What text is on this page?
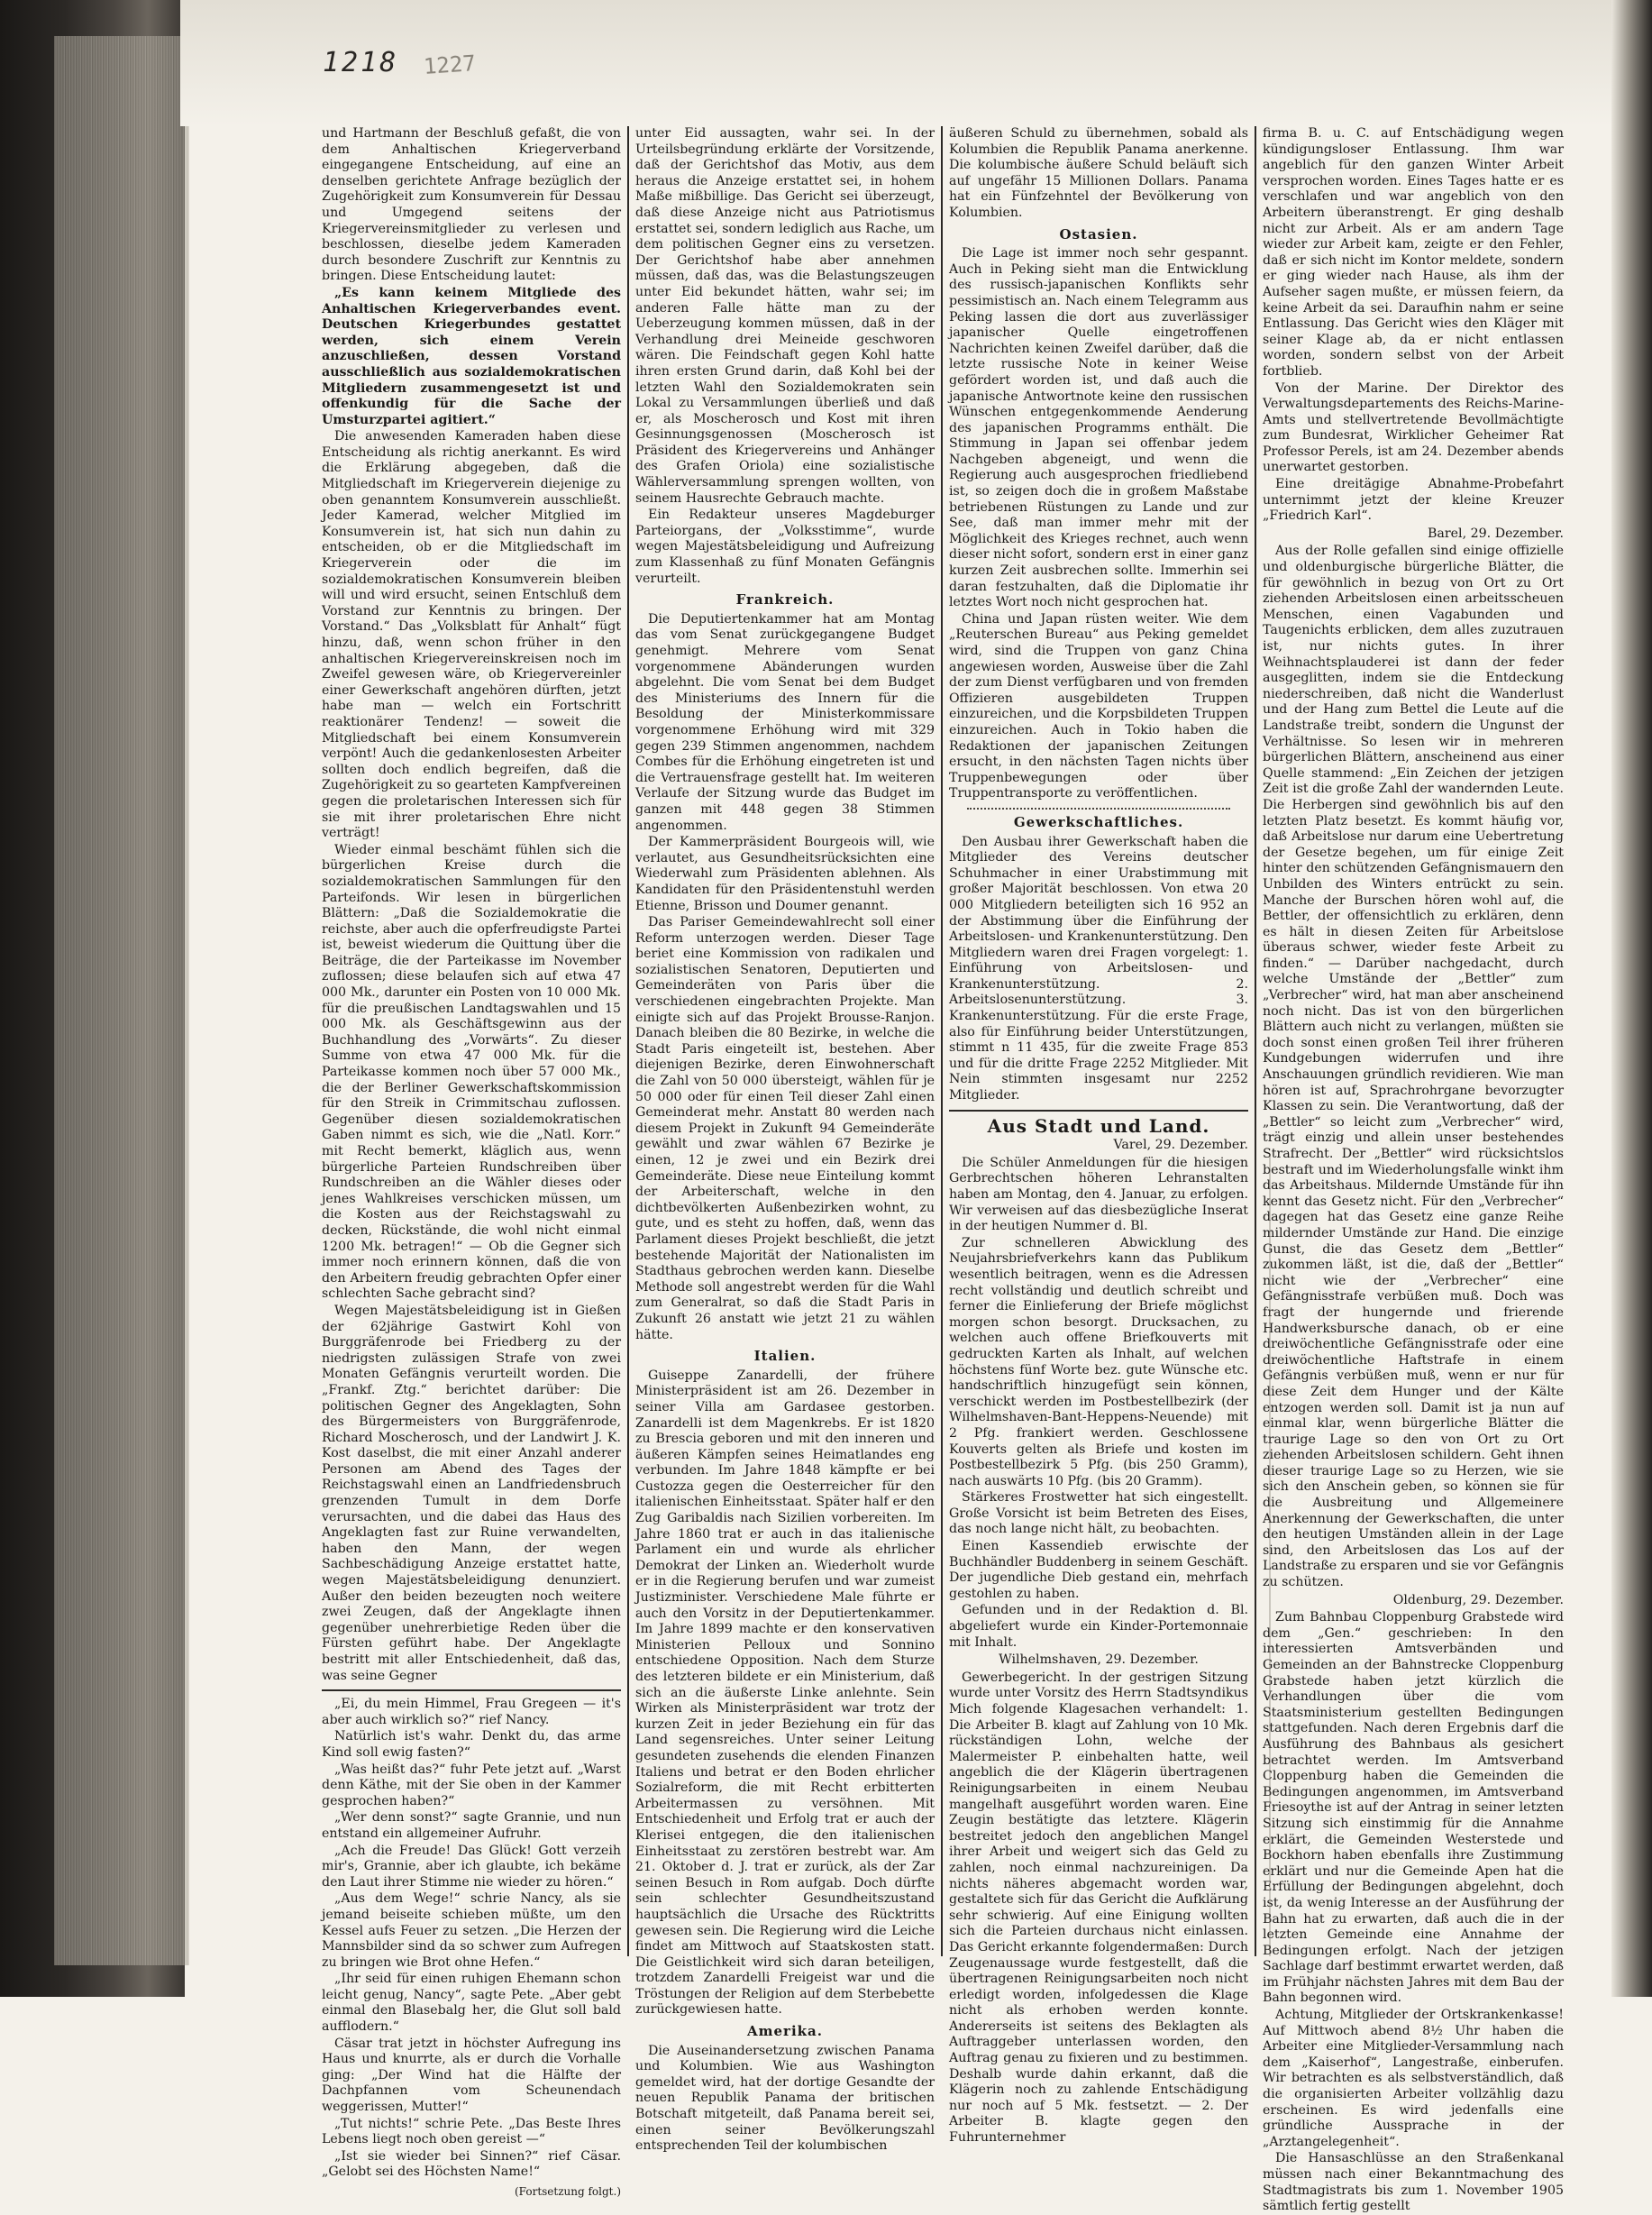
1218 1227

und Hartmann der Beschluß gefaßt, die von dem Anhaltischen Kriegerverband eingegangene Entscheidung, auf eine an denselben gerichtete Anfrage bezüglich der Zugehörigkeit zum Konsumverein für Dessau und Umgegend seitens der Kriegervereinsmitglieder zu verlesen und beschlossen, dieselbe jedem Kameraden durch besondere Zuschrift zur Kenntnis zu bringen. Diese Entscheidung lautet:

„Es kann keinem Mitgliede des Anhaltischen Kriegerverbandes event. Deutschen Kriegerbundes gestattet werden, sich einem Verein anzuschließen, dessen Vorstand ausschließlich aus sozialdemokratischen Mitgliedern zusammengesetzt ist und offenkundig für die Sache der Umsturzpartei agitiert.“

Die anwesenden Kameraden haben diese Entscheidung als richtig anerkannt. Es wird die Erklärung abgegeben, daß die Mitgliedschaft im Kriegerverein diejenige zu oben genanntem Konsumverein ausschließt. Jeder Kamerad, welcher Mitglied im Konsumverein ist, hat sich nun dahin zu entscheiden, ob er die Mitgliedschaft im Kriegerverein oder die im sozialdemokratischen Konsumverein bleiben will und wird ersucht, seinen Entschluß dem Vorstand zur Kenntnis zu bringen. Der Vorstand.“ Das „Volksblatt für Anhalt“ fügt hinzu, daß, wenn schon früher in den anhaltischen Kriegervereinskreisen noch im Zweifel gewesen wäre, ob Kriegervereinler einer Gewerkschaft angehören dürften, jetzt habe man — welch ein Fortschritt reaktionärer Tendenz! — soweit die Mitgliedschaft bei einem Konsumverein verpönt! Auch die gedankenlosesten Arbeiter sollten doch endlich begreifen, daß die Zugehörigkeit zu so gearteten Kampfvereinen gegen die proletarischen Interessen sich für sie mit ihrer proletarischen Ehre nicht verträgt!

Wieder einmal beschämt fühlen sich die bürgerlichen Kreise durch die sozialdemokratischen Sammlungen für den Parteifonds. Wir lesen in bürgerlichen Blättern: „Daß die Sozialdemokratie die reichste, aber auch die opferfreudigste Partei ist, beweist wiederum die Quittung über die Beiträge, die der Parteikasse im November zuflossen; diese belaufen sich auf etwa 47 000 Mk., darunter ein Posten von 10 000 Mk. für die preußischen Landtagswahlen und 15 000 Mk. als Geschäftsgewinn aus der Buchhandlung des „Vorwärts“. Zu dieser Summe von etwa 47 000 Mk. für die Parteikasse kommen noch über 57 000 Mk., die der Berliner Gewerkschaftskommission für den Streik in Crimmitschau zuflossen. Gegenüber diesen sozialdemokratischen Gaben nimmt es sich, wie die „Natl. Korr.“ mit Recht bemerkt, kläglich aus, wenn bürgerliche Parteien Rundschreiben über Rundschreiben an die Wähler dieses oder jenes Wahlkreises verschicken müssen, um die Kosten aus der Reichstagswahl zu decken, Rückstände, die wohl nicht einmal 1200 Mk. betragen!“ — Ob die Gegner sich immer noch erinnern können, daß die von den Arbeitern freudig gebrachten Opfer einer schlechten Sache gebracht sind?

Wegen Majestätsbeleidigung ist in Gießen der 62jährige Gastwirt Kohl von Burggräfenrode bei Friedberg zu der niedrigsten zulässigen Strafe von zwei Monaten Gefängnis verurteilt worden. Die „Frankf. Ztg.“ berichtet darüber: Die politischen Gegner des Angeklagten, Sohn des Bürgermeisters von Burggräfenrode, Richard Moscherosch, und der Landwirt J. K. Kost daselbst, die mit einer Anzahl anderer Personen am Abend des Tages der Reichstagswahl einen an Landfriedensbruch grenzenden Tumult in dem Dorfe verursachten, und die dabei das Haus des Angeklagten fast zur Ruine verwandelten, haben den Mann, der wegen Sachbeschädigung Anzeige erstattet hatte, wegen Majestätsbeleidigung denunziert. Außer den beiden bezeugten noch weitere zwei Zeugen, daß der Angeklagte ihnen gegenüber unehrerbietige Reden über die Fürsten geführt habe. Der Angeklagte bestritt mit aller Entschiedenheit, daß das, was seine Gegner

„Ei, du mein Himmel, Frau Gregeen — it's aber auch wirklich so?“ rief Nancy.

Natürlich ist's wahr. Denkt du, das arme Kind soll ewig fasten?“

„Was heißt das?“ fuhr Pete jetzt auf. „Warst denn Käthe, mit der Sie oben in der Kammer gesprochen haben?“

„Wer denn sonst?“ sagte Grannie, und nun entstand ein allgemeiner Aufruhr.

„Ach die Freude! Das Glück! Gott verzeih mir's, Grannie, aber ich glaubte, ich bekäme den Laut ihrer Stimme nie wieder zu hören.“

„Aus dem Wege!“ schrie Nancy, als sie jemand beiseite schieben müßte, um den Kessel aufs Feuer zu setzen. „Die Herzen der Mannsbilder sind da so schwer zum Aufregen zu bringen wie Brot ohne Hefen.“

„Ihr seid für einen ruhigen Ehemann schon leicht genug, Nancy“, sagte Pete. „Aber gebt einmal den Blasebalg her, die Glut soll bald aufflodern.“

Cäsar trat jetzt in höchster Aufregung ins Haus und knurrte, als er durch die Vorhalle ging: „Der Wind hat die Hälfte der Dachpfannen vom Scheunendach weggerissen, Mutter!“

„Tut nichts!“ schrie Pete. „Das Beste Ihres Lebens liegt noch oben gereist —“

„Ist sie wieder bei Sinnen?“ rief Cäsar. „Gelobt sei des Höchsten Name!“

(Fortsetzung folgt.)

unter Eid aussagten, wahr sei. In der Urteilsbegründung erklärte der Vorsitzende, daß der Gerichtshof das Motiv, aus dem heraus die Anzeige erstattet sei, in hohem Maße mißbillige. Das Gericht sei überzeugt, daß diese Anzeige nicht aus Patriotismus erstattet sei, sondern lediglich aus Rache, um dem politischen Gegner eins zu versetzen. Der Gerichtshof habe aber annehmen müssen, daß das, was die Belastungszeugen unter Eid bekundet hätten, wahr sei; im anderen Falle hätte man zu der Ueberzeugung kommen müssen, daß in der Verhandlung drei Meineide geschworen wären. Die Feindschaft gegen Kohl hatte ihren ersten Grund darin, daß Kohl bei der letzten Wahl den Sozialdemokraten sein Lokal zu Versammlungen überließ und daß er, als Moscherosch und Kost mit ihren Gesinnungsgenossen (Moscherosch ist Präsident des Kriegervereins und Anhänger des Grafen Oriola) eine sozialistische Wählerversammlung sprengen wollten, von seinem Hausrechte Gebrauch machte.

Ein Redakteur unseres Magdeburger Parteiorgans, der „Volksstimme“, wurde wegen Majestätsbeleidigung und Aufreizung zum Klassenhaß zu fünf Monaten Gefängnis verurteilt.

Frankreich.

Die Deputiertenkammer hat am Montag das vom Senat zurückgegangene Budget genehmigt. Mehrere vom Senat vorgenommene Abänderungen wurden abgelehnt. Die vom Senat bei dem Budget des Ministeriums des Innern für die Besoldung der Ministerkommissare vorgenommene Erhöhung wird mit 329 gegen 239 Stimmen angenommen, nachdem Combes für die Erhöhung eingetreten ist und die Vertrauensfrage gestellt hat. Im weiteren Verlaufe der Sitzung wurde das Budget im ganzen mit 448 gegen 38 Stimmen angenommen.

Der Kammerpräsident Bourgeois will, wie verlautet, aus Gesundheitsrücksichten eine Wiederwahl zum Präsidenten ablehnen. Als Kandidaten für den Präsidentenstuhl werden Etienne, Brisson und Doumer genannt.

Das Pariser Gemeindewahlrecht soll einer Reform unterzogen werden. Dieser Tage beriet eine Kommission von radikalen und sozialistischen Senatoren, Deputierten und Gemeinderäten von Paris über die verschiedenen eingebrachten Projekte. Man einigte sich auf das Projekt Brousse-Ranjon. Danach bleiben die 80 Bezirke, in welche die Stadt Paris eingeteilt ist, bestehen. Aber diejenigen Bezirke, deren Einwohnerschaft die Zahl von 50 000 übersteigt, wählen für je 50 000 oder für einen Teil dieser Zahl einen Gemeinderat mehr. Anstatt 80 werden nach diesem Projekt in Zukunft 94 Gemeinderäte gewählt und zwar wählen 67 Bezirke je einen, 12 je zwei und ein Bezirk drei Gemeinderäte. Diese neue Einteilung kommt der Arbeiterschaft, welche in den dichtbevölkerten Außenbezirken wohnt, zu gute, und es steht zu hoffen, daß, wenn das Parlament dieses Projekt beschließt, die jetzt bestehende Majorität der Nationalisten im Stadthaus gebrochen werden kann. Dieselbe Methode soll angestrebt werden für die Wahl zum Generalrat, so daß die Stadt Paris in Zukunft 26 anstatt wie jetzt 21 zu wählen hätte.

Italien.

Guiseppe Zanardelli, der frühere Ministerpräsident ist am 26. Dezember in seiner Villa am Gardasee gestorben. Zanardelli ist dem Magenkrebs. Er ist 1820 zu Brescia geboren und mit den inneren und äußeren Kämpfen seines Heimatlandes eng verbunden. Im Jahre 1848 kämpfte er bei Custozza gegen die Oesterreicher für den italienischen Einheitsstaat. Später half er den Zug Garibaldis nach Sizilien vorbereiten. Im Jahre 1860 trat er auch in das italienische Parlament ein und wurde als ehrlicher Demokrat der Linken an. Wiederholt wurde er in die Regierung berufen und war zumeist Justizminister. Verschiedene Male führte er auch den Vorsitz in der Deputiertenkammer. Im Jahre 1899 machte er den konservativen Ministerien Pelloux und Sonnino entschiedene Opposition. Nach dem Sturze des letzteren bildete er ein Ministerium, daß sich an die äußerste Linke anlehnte. Sein Wirken als Ministerpräsident war trotz der kurzen Zeit in jeder Beziehung ein für das Land segensreiches. Unter seiner Leitung gesundeten zusehends die elenden Finanzen Italiens und betrat er den Boden ehrlicher Sozialreform, die mit Recht erbitterten Arbeitermassen zu versöhnen. Mit Entschiedenheit und Erfolg trat er auch der Klerisei entgegen, die den italienischen Einheitsstaat zu zerstören bestrebt war. Am 21. Oktober d. J. trat er zurück, als der Zar seinen Besuch in Rom aufgab. Doch dürfte sein schlechter Gesundheitszustand hauptsächlich die Ursache des Rücktritts gewesen sein. Die Regierung wird die Leiche findet am Mittwoch auf Staatskosten statt. Die Geistlichkeit wird sich daran beteiligen, trotzdem Zanardelli Freigeist war und die Tröstungen der Religion auf dem Sterbebette zurückgewiesen hatte.

Amerika.

Die Auseinandersetzung zwischen Panama und Kolumbien. Wie aus Washington gemeldet wird, hat der dortige Gesandte der neuen Republik Panama der britischen Botschaft mitgeteilt, daß Panama bereit sei, einen seiner Bevölkerungszahl entsprechenden Teil der kolumbischen

äußeren Schuld zu übernehmen, sobald als Kolumbien die Republik Panama anerkenne. Die kolumbische äußere Schuld beläuft sich auf ungefähr 15 Millionen Dollars. Panama hat ein Fünfzehntel der Bevölkerung von Kolumbien.

Ostasien.

Die Lage ist immer noch sehr gespannt. Auch in Peking sieht man die Entwicklung des russisch-japanischen Konflikts sehr pessimistisch an. Nach einem Telegramm aus Peking lassen die dort aus zuverlässiger japanischer Quelle eingetroffenen Nachrichten keinen Zweifel darüber, daß die letzte russische Note in keiner Weise gefördert worden ist, und daß auch die japanische Antwortnote keine den russischen Wünschen entgegenkommende Aenderung des japanischen Programms enthält. Die Stimmung in Japan sei offenbar jedem Nachgeben abgeneigt, und wenn die Regierung auch ausgesprochen friedliebend ist, so zeigen doch die in großem Maßstabe betriebenen Rüstungen zu Lande und zur See, daß man immer mehr mit der Möglichkeit des Krieges rechnet, auch wenn dieser nicht sofort, sondern erst in einer ganz kurzen Zeit ausbrechen sollte. Immerhin sei daran festzuhalten, daß die Diplomatie ihr letztes Wort noch nicht gesprochen hat.

China und Japan rüsten weiter. Wie dem „Reuterschen Bureau“ aus Peking gemeldet wird, sind die Truppen von ganz China angewiesen worden, Ausweise über die Zahl der zum Dienst verfügbaren und von fremden Offizieren ausgebildeten Truppen einzureichen, und die Korpsbildeten Truppen einzureichen. Auch in Tokio haben die Redaktionen der japanischen Zeitungen ersucht, in den nächsten Tagen nichts über Truppenbewegungen oder über Truppentransporte zu veröffentlichen.

Gewerkschaftliches.

Den Ausbau ihrer Gewerkschaft haben die Mitglieder des Vereins deutscher Schuhmacher in einer Urabstimmung mit großer Majorität beschlossen. Von etwa 20 000 Mitgliedern beteiligten sich 16 952 an der Abstimmung über die Einführung der Arbeitslosen- und Krankenunterstützung. Den Mitgliedern waren drei Fragen vorgelegt: 1. Einführung von Arbeitslosen- und Krankenunterstützung. 2. Arbeitslosenunterstützung. 3. Krankenunterstützung. Für die erste Frage, also für Einführung beider Unterstützungen, stimmt n 11 435, für die zweite Frage 853 und für die dritte Frage 2252 Mitglieder. Mit Nein stimmten insgesamt nur 2252 Mitglieder.

Aus Stadt und Land.
Varel, 29. Dezember.

Die Schüler Anmeldungen für die hiesigen Gerbrechtschen höheren Lehranstalten haben am Montag, den 4. Januar, zu erfolgen. Wir verweisen auf das diesbezügliche Inserat in der heutigen Nummer d. Bl.

Zur schnelleren Abwicklung des Neujahrsbriefverkehrs kann das Publikum wesentlich beitragen, wenn es die Adressen recht vollständig und deutlich schreibt und ferner die Einlieferung der Briefe möglichst morgen schon besorgt. Drucksachen, zu welchen auch offene Briefkouverts mit gedruckten Karten als Inhalt, auf welchen höchstens fünf Worte bez. gute Wünsche etc. handschriftlich hinzugefügt sein können, verschickt werden im Postbestellbezirk (der Wilhelmshaven-Bant-Heppens-Neuende) mit 2 Pfg. frankiert werden. Geschlossene Kouverts gelten als Briefe und kosten im Postbestellbezirk 5 Pfg. (bis 250 Gramm), nach auswärts 10 Pfg. (bis 20 Gramm).

Stärkeres Frostwetter hat sich eingestellt. Große Vorsicht ist beim Betreten des Eises, das noch lange nicht hält, zu beobachten.

Einen Kassendieb erwischte der Buchhändler Buddenberg in seinem Geschäft. Der jugendliche Dieb gestand ein, mehrfach gestohlen zu haben.

Gefunden und in der Redaktion d. Bl. abgeliefert wurde ein Kinder-Portemonnaie mit Inhalt.

Wilhelmshaven, 29. Dezember.

Gewerbegericht. In der gestrigen Sitzung wurde unter Vorsitz des Herrn Stadtsyndikus Mich folgende Klagesachen verhandelt: 1. Die Arbeiter B. klagt auf Zahlung von 10 Mk. rückständigen Lohn, welche der Malermeister P. einbehalten hatte, weil angeblich die der Klägerin übertragenen Reinigungsarbeiten in einem Neubau mangelhaft ausgeführt worden waren. Eine Zeugin bestätigte das letztere. Klägerin bestreitet jedoch den angeblichen Mangel ihrer Arbeit und weigert sich das Geld zu zahlen, noch einmal nachzureinigen. Da nichts näheres abgemacht worden war, gestaltete sich für das Gericht die Aufklärung sehr schwierig. Auf eine Einigung wollten sich die Parteien durchaus nicht einlassen. Das Gericht erkannte folgendermaßen: Durch Zeugenaussage wurde festgestellt, daß die übertragenen Reinigungsarbeiten noch nicht erledigt worden, infolgedessen die Klage nicht als erhoben werden konnte. Andererseits ist seitens des Beklagten als Auftraggeber unterlassen worden, den Auftrag genau zu fixieren und zu bestimmen. Deshalb wurde dahin erkannt, daß die Klägerin noch zu zahlende Entschädigung nur noch auf 5 Mk. festsetzt. — 2. Der Arbeiter B. klagte gegen den Fuhrunternehmer

firma B. u. C. auf Entschädigung wegen kündigungsloser Entlassung. Ihm war angeblich für den ganzen Winter Arbeit versprochen worden. Eines Tages hatte er es verschlafen und war angeblich von den Arbeitern überanstrengt. Er ging deshalb nicht zur Arbeit. Als er am andern Tage wieder zur Arbeit kam, zeigte er den Fehler, daß er sich nicht im Kontor meldete, sondern er ging wieder nach Hause, als ihm der Aufseher sagen mußte, er müssen feiern, da keine Arbeit da sei. Daraufhin nahm er seine Entlassung. Das Gericht wies den Kläger mit seiner Klage ab, da er nicht entlassen worden, sondern selbst von der Arbeit fortblieb.

Von der Marine. Der Direktor des Verwaltungsdepartements des Reichs-Marine-Amts und stellvertretende Bevollmächtigte zum Bundesrat, Wirklicher Geheimer Rat Professor Perels, ist am 24. Dezember abends unerwartet gestorben.

Eine dreitägige Abnahme-Probefahrt unternimmt jetzt der kleine Kreuzer „Friedrich Karl“.

Barel, 29. Dezember.

Aus der Rolle gefallen sind einige offizielle und oldenburgische bürgerliche Blätter, die für gewöhnlich in bezug von Ort zu Ort ziehenden Arbeitslosen einen arbeitsscheuen Menschen, einen Vagabunden und Taugenichts erblicken, dem alles zuzutrauen ist, nur nichts gutes. In ihrer Weihnachtsplauderei ist dann der feder ausgeglitten, indem sie die Entdeckung niederschreiben, daß nicht die Wanderlust und der Hang zum Bettel die Leute auf die Landstraße treibt, sondern die Ungunst der Verhältnisse. So lesen wir in mehreren bürgerlichen Blättern, anscheinend aus einer Quelle stammend: „Ein Zeichen der jetzigen Zeit ist die große Zahl der wandernden Leute. Die Herbergen sind gewöhnlich bis auf den letzten Platz besetzt. Es kommt häufig vor, daß Arbeitslose nur darum eine Uebertretung der Gesetze begehen, um für einige Zeit hinter den schützenden Gefängnismauern den Unbilden des Winters entrückt zu sein. Manche der Burschen hören wohl auf, die Bettler, der offensichtlich zu erklären, denn es hält in diesen Zeiten für Arbeitslose überaus schwer, wieder feste Arbeit zu finden.“ — Darüber nachgedacht, durch welche Umstände der „Bettler“ zum „Verbrecher“ wird, hat man aber anscheinend noch nicht. Das ist von den bürgerlichen Blättern auch nicht zu verlangen, müßten sie doch sonst einen großen Teil ihrer früheren Kundgebungen widerrufen und ihre Anschauungen gründlich revidieren. Wie man hören ist auf, Sprachrohrgane bevorzugter Klassen zu sein. Die Verantwortung, daß der „Bettler“ so leicht zum „Verbrecher“ wird, trägt einzig und allein unser bestehendes Strafrecht. Der „Bettler“ wird rücksichtslos bestraft und im Wiederholungsfalle winkt ihm das Arbeitshaus. Mildernde Umstände für ihn kennt das Gesetz nicht. Für den „Verbrecher“ dagegen hat das Gesetz eine ganze Reihe mildernder Umstände zur Hand. Die einzige Gunst, die das Gesetz dem „Bettler“ zukommen läßt, ist die, daß der „Bettler“ nicht wie der „Verbrecher“ eine Gefängnisstrafe verbüßen muß. Doch was fragt der hungernde und frierende Handwerksbursche danach, ob er eine dreiwöchentliche Gefängnisstrafe oder eine dreiwöchentliche Haftstrafe in einem Gefängnis verbüßen muß, wenn er nur für diese Zeit dem Hunger und der Kälte entzogen werden soll. Damit ist ja nun auf einmal klar, wenn bürgerliche Blätter die traurige Lage so den von Ort zu Ort ziehenden Arbeitslosen schildern. Geht ihnen dieser traurige Lage so zu Herzen, wie sie sich den Anschein geben, so können sie für die Ausbreitung und Allgemeinere Anerkennung der Gewerkschaften, die unter den heutigen Umständen allein in der Lage sind, den Arbeitslosen das Los auf der Landstraße zu ersparen und sie vor Gefängnis zu schützen.

Oldenburg, 29. Dezember.

Zum Bahnbau Cloppenburg Grabstede wird dem „Gen.“ geschrieben: In den interessierten Amtsverbänden und Gemeinden an der Bahnstrecke Cloppenburg Grabstede haben jetzt kürzlich die Verhandlungen über die vom Staatsministerium gestellten Bedingungen stattgefunden. Nach deren Ergebnis darf die Ausführung des Bahnbaus als gesichert betrachtet werden. Im Amtsverband Cloppenburg haben die Gemeinden die Bedingungen angenommen, im Amtsverband Friesoythe ist auf der Antrag in seiner letzten Sitzung sich einstimmig für die Annahme erklärt, die Gemeinden Westerstede und Bockhorn haben ebenfalls ihre Zustimmung erklärt und nur die Gemeinde Apen hat die Erfüllung der Bedingungen abgelehnt, doch ist, da wenig Interesse an der Ausführung der Bahn hat zu erwarten, daß auch die in der letzten Gemeinde eine Annahme der Bedingungen erfolgt. Nach der jetzigen Sachlage darf bestimmt erwartet werden, daß im Frühjahr nächsten Jahres mit dem Bau der Bahn begonnen wird.

Achtung, Mitglieder der Ortskrankenkasse! Auf Mittwoch abend 8½ Uhr haben die Arbeiter eine Mitglieder-Versammlung nach dem „Kaiserhof“, Langestraße, einberufen. Wir betrachten es als selbstverständlich, daß die organisierten Arbeiter vollzählig dazu erscheinen. Es wird jedenfalls eine gründliche Aussprache in der „Arztangelegenheit“.

Die Hansaschlüsse an den Straßenkanal müssen nach einer Bekanntmachung des Stadtmagistrats bis zum 1. November 1905 sämtlich fertig gestellt
